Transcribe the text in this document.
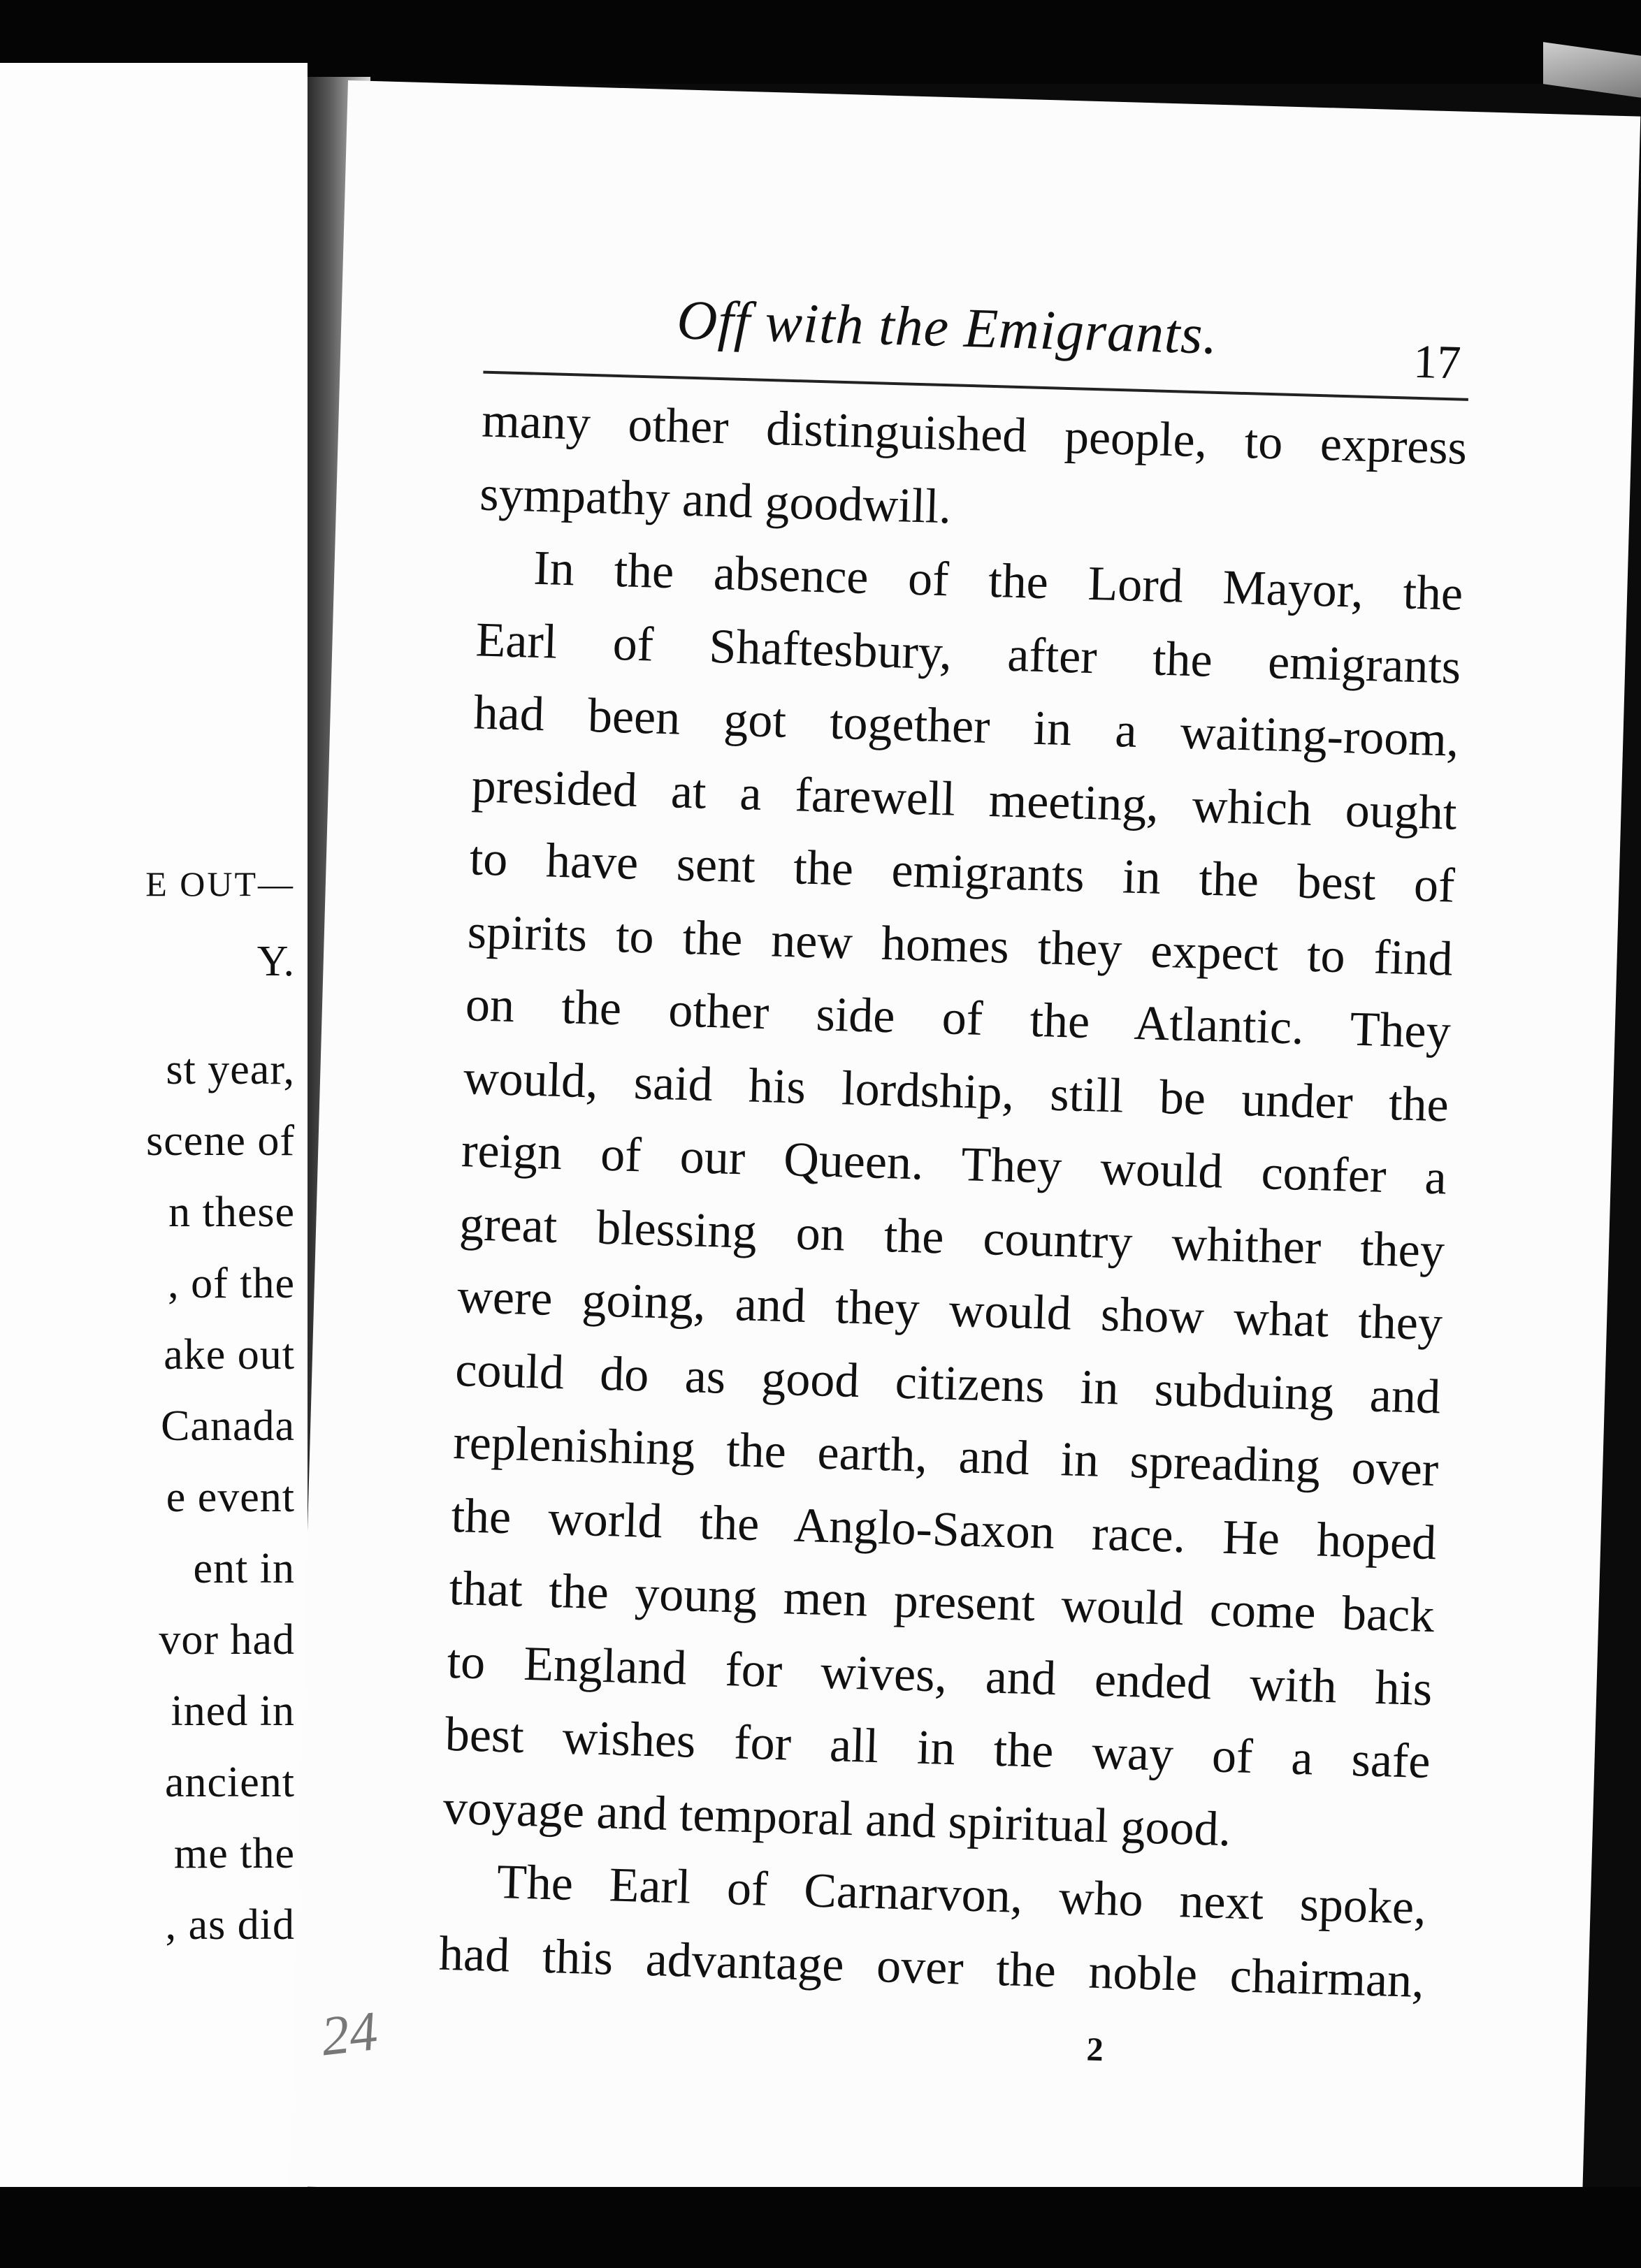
E OUT—
Y.
st year,
scene of
n these
, of the
ake out
Canada
e event
ent in
vor had
ined in
ancient
me the
, as did
Off with the Emigrants.	17
many other distinguished people, to express
sympathy and goodwill.
In the absence of the Lord Mayor, the
Earl of Shaftesbury, after the emigrants
had been got together in a waiting-room,
presided at a farewell meeting, which ought
to have sent the emigrants in the best of
spirits to the new homes they expect to find
on the other side of the Atlantic. They
would, said his lordship, still be under the
reign of our Queen. They would confer a
great blessing on the country whither they
were going, and they would show what they
could do as good citizens in subduing and
replenishing the earth, and in spreading over
the world the Anglo-Saxon race. He hoped
that the young men present would come back
to England for wives, and ended with his
best wishes for all in the way of a safe
voyage and temporal and spiritual good.
The Earl of Carnarvon, who next spoke,
had this advantage over the noble chairman,
24	2
